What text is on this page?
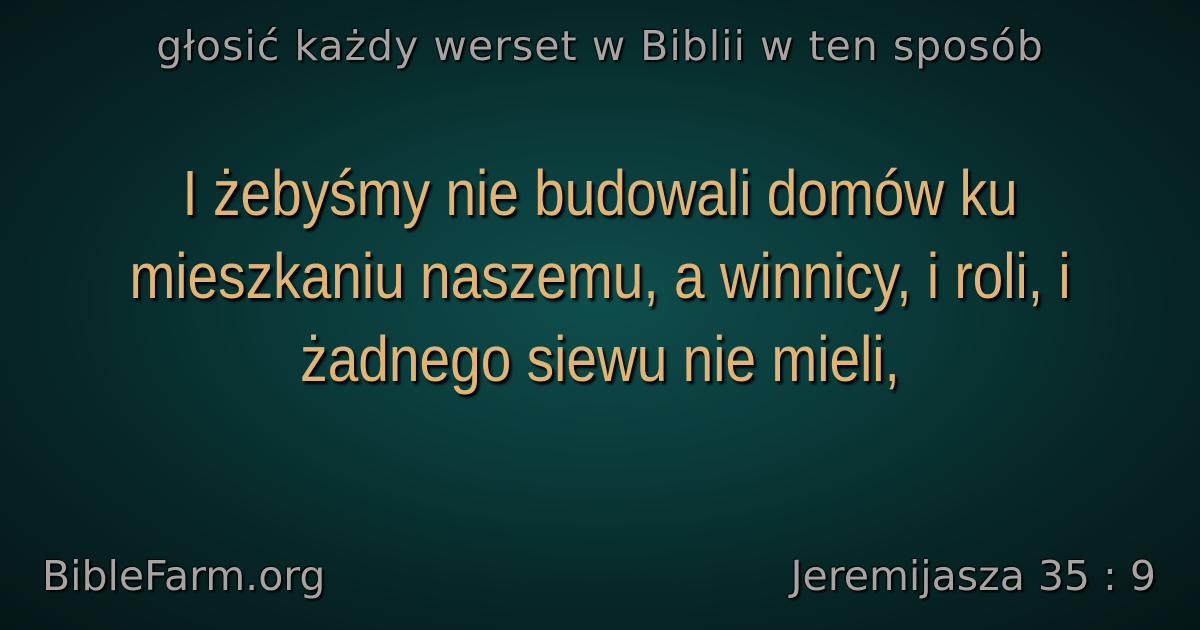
głosić każdy werset w Biblii w ten sposób
I żebyśmy nie budowali domów ku mieszkaniu naszemu, a winnicy, i roli, i żadnego siewu nie mieli,
BibleFarm.org	Jeremijasza 35 : 9
